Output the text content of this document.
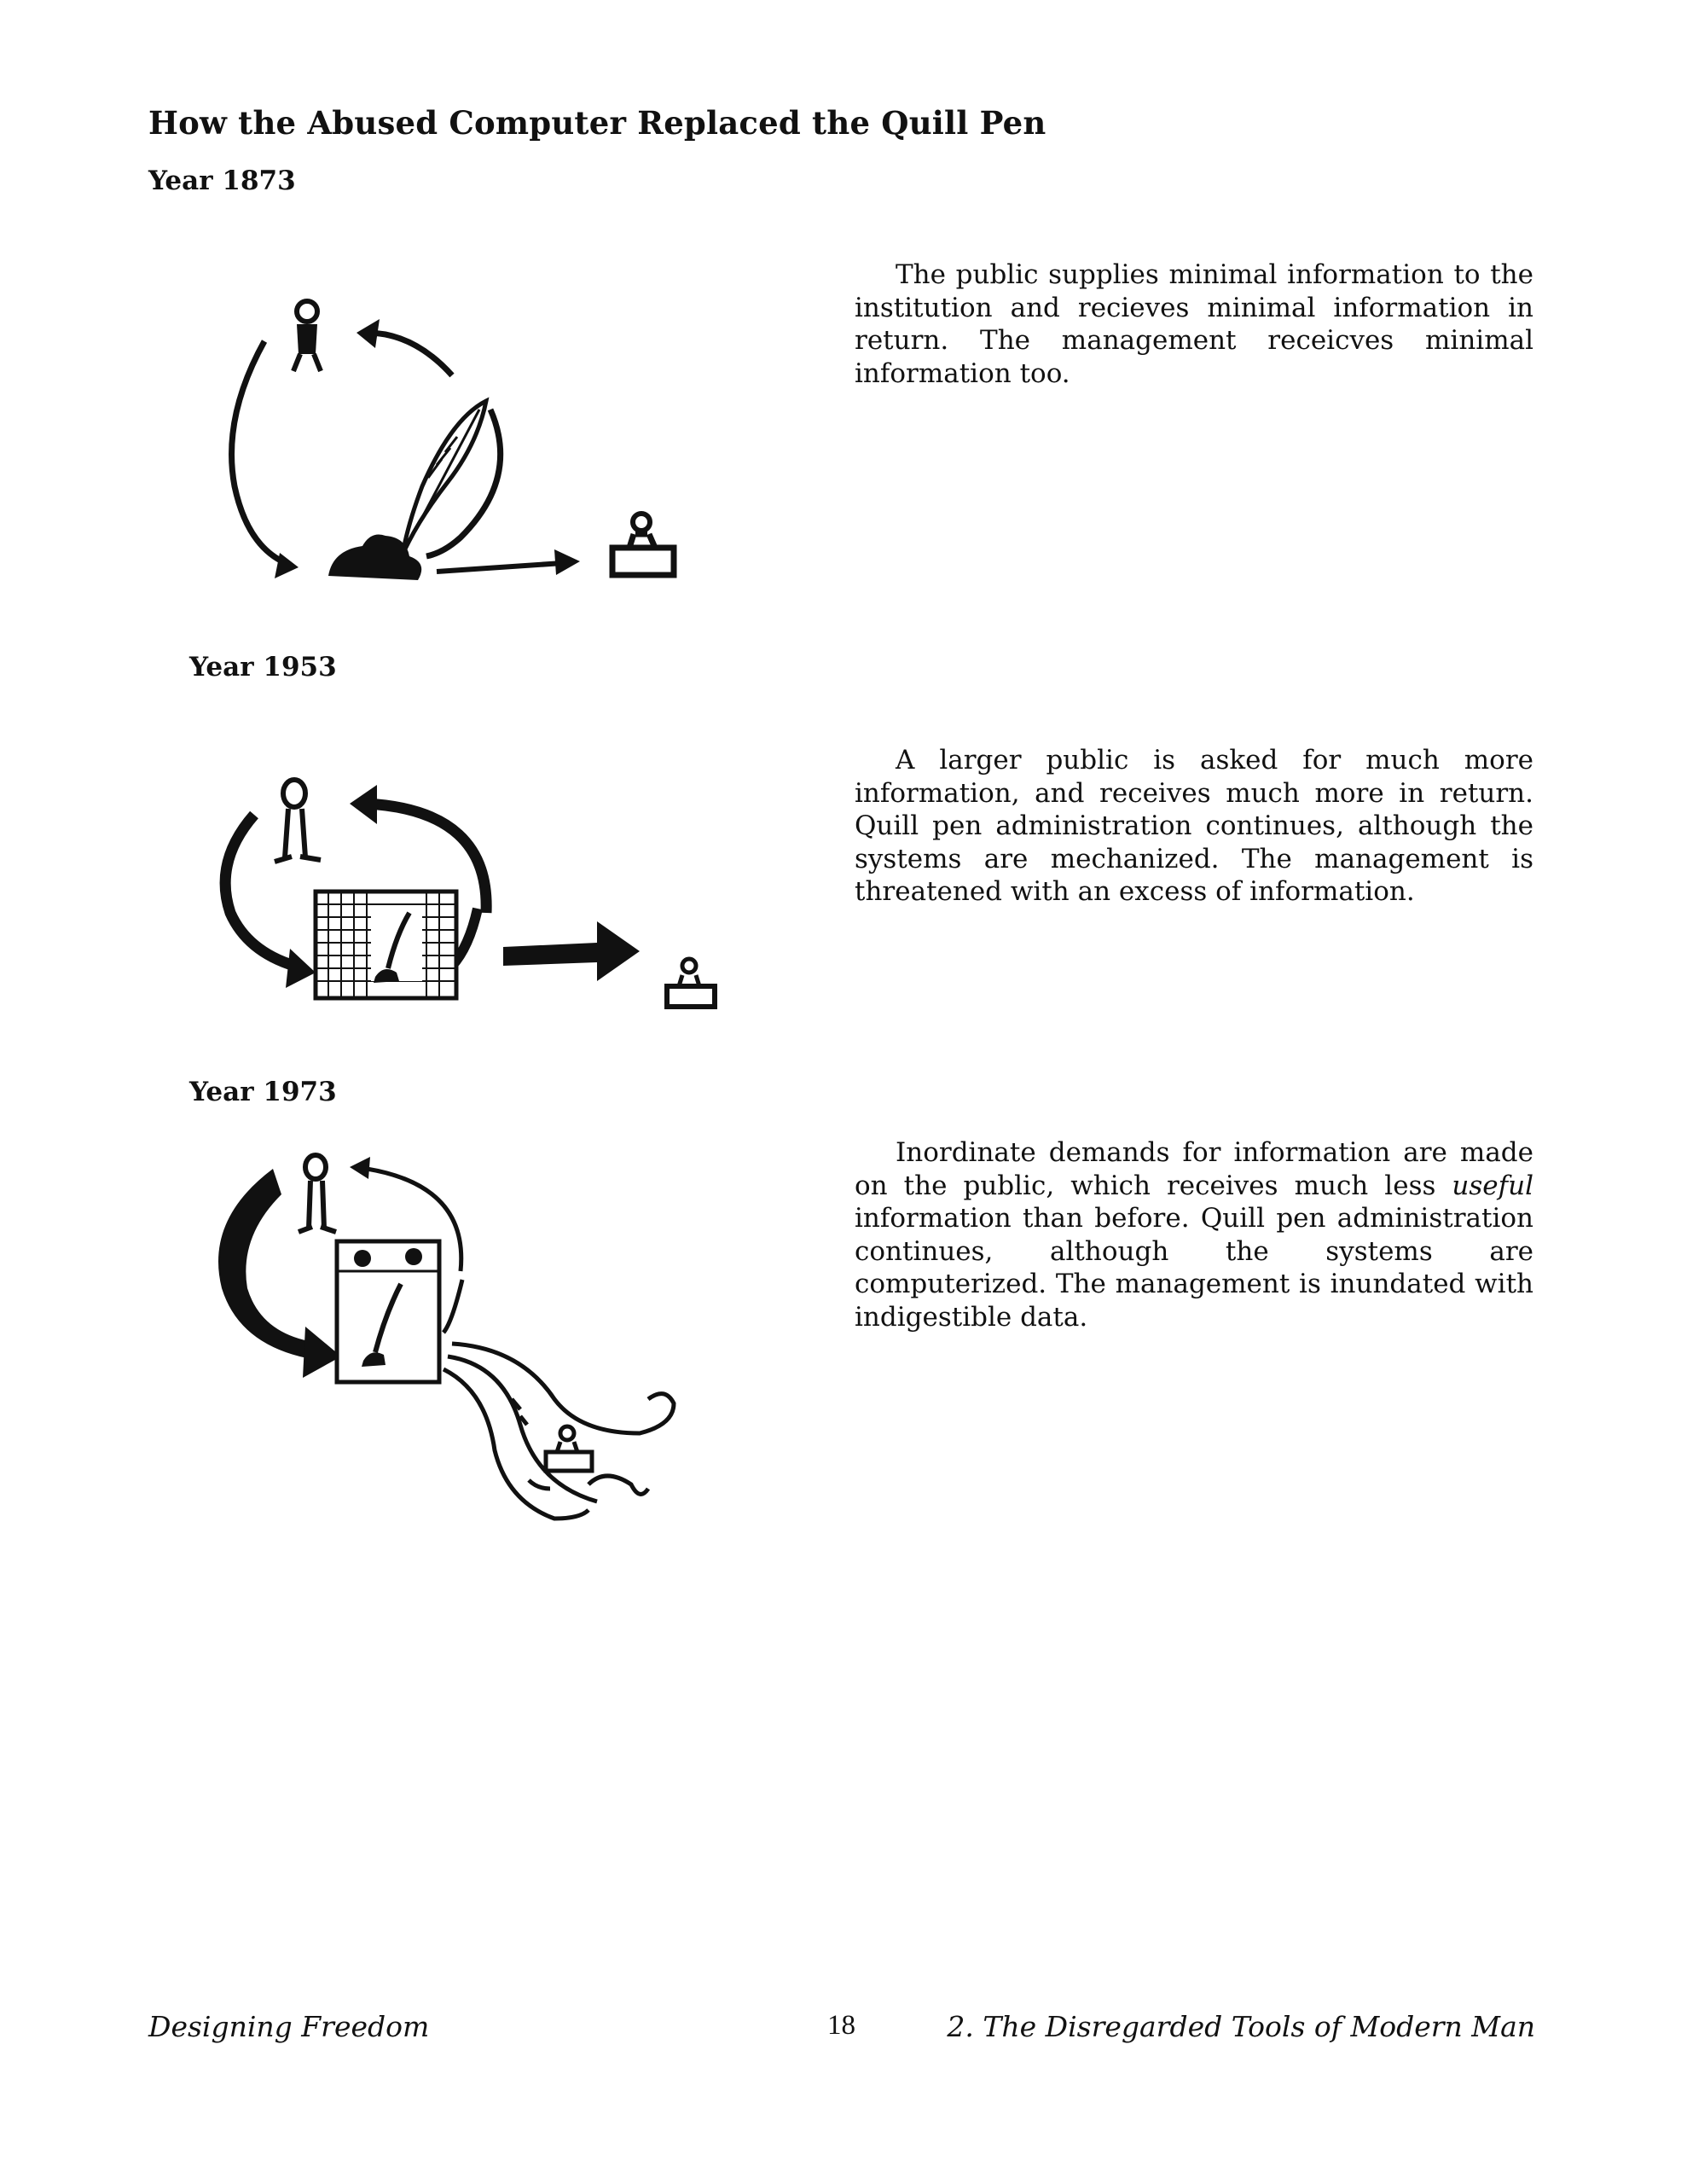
How the Abused Computer Replaced the Quill Pen
Year 1873

The public supplies minimal information to the institution and recieves minimal information in return. The management receicves minimal information too.

Year 1953

A larger public is asked for much more information, and receives much more in return. Quill pen administration continues, although the systems are mechanized. The management is threatened with an excess of information.

Year 1973

Inordinate demands for information are made on the public, which receives much less useful information than before. Quill pen administration continues, although the systems are computerized. The management is inundated with indigestible data.

Designing Freedom	18	2. The Disregarded Tools of Modern Man
